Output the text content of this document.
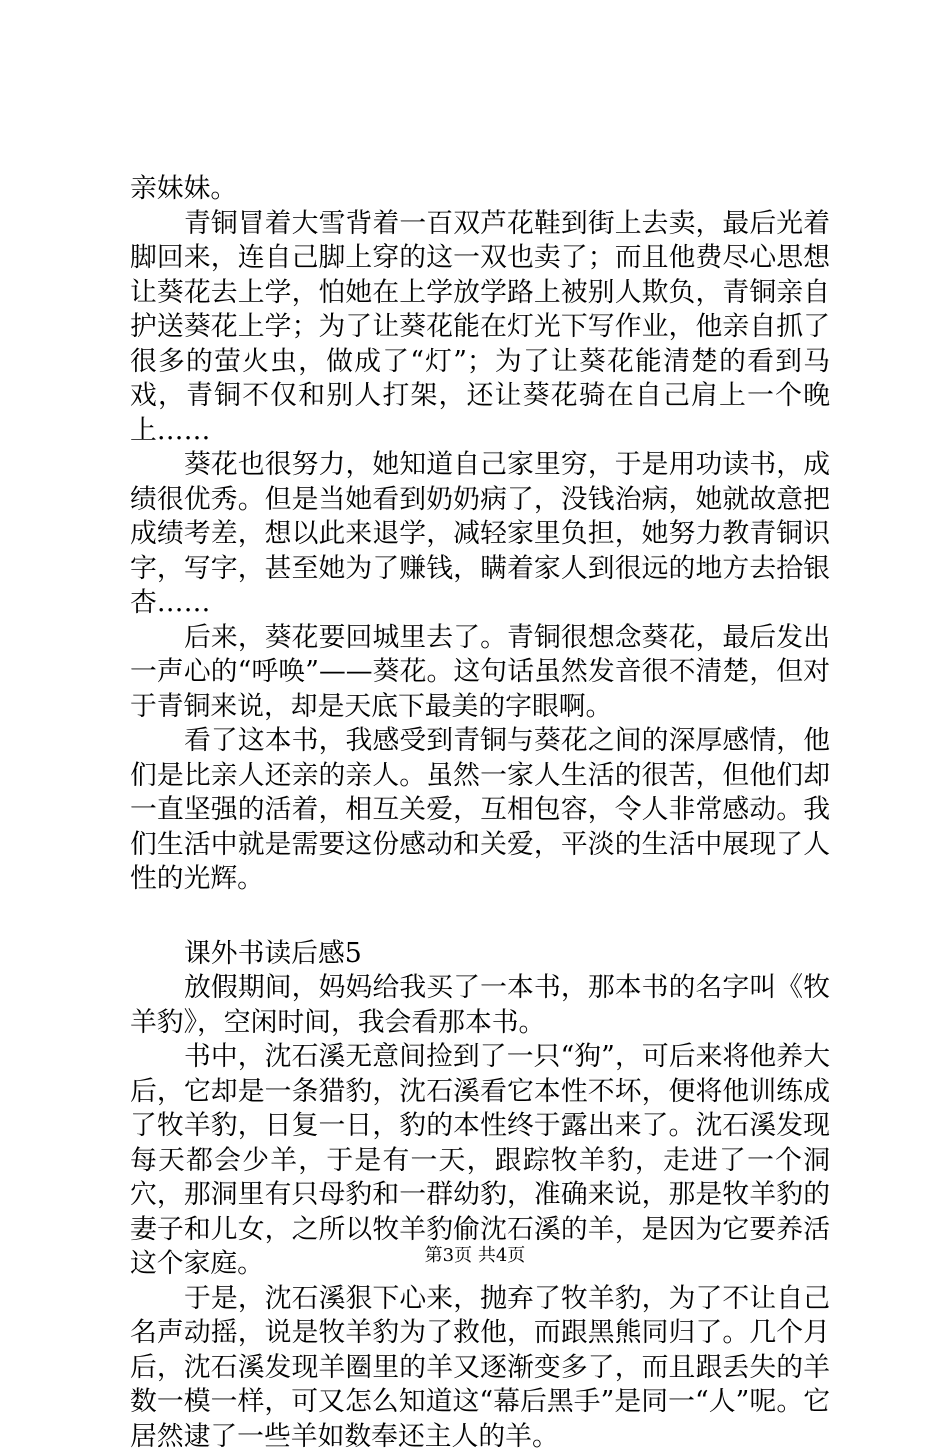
亲妹妹。

青铜冒着大雪背着一百双芦花鞋到街上去卖，最后光着脚回来，连自己脚上穿的这一双也卖了；而且他费尽心思想让葵花去上学，怕她在上学放学路上被别人欺负，青铜亲自护送葵花上学；为了让葵花能在灯光下写作业，他亲自抓了很多的萤火虫，做成了“灯”；为了让葵花能清楚的看到马戏，青铜不仅和别人打架，还让葵花骑在自己肩上一个晚上……

葵花也很努力，她知道自己家里穷，于是用功读书，成绩很优秀。但是当她看到奶奶病了，没钱治病，她就故意把成绩考差，想以此来退学，减轻家里负担，她努力教青铜识字，写字，甚至她为了赚钱，瞒着家人到很远的地方去拾银杏……

后来，葵花要回城里去了。青铜很想念葵花，最后发出一声心的“呼唤”——葵花。这句话虽然发音很不清楚，但对于青铜来说，却是天底下最美的字眼啊。

看了这本书，我感受到青铜与葵花之间的深厚感情，他们是比亲人还亲的亲人。虽然一家人生活的很苦，但他们却一直坚强的活着，相互关爱，互相包容，令人非常感动。我们生活中就是需要这份感动和关爱，平淡的生活中展现了人性的光辉。

课外书读后感5

放假期间，妈妈给我买了一本书，那本书的名字叫《牧羊豹》，空闲时间，我会看那本书。

书中，沈石溪无意间捡到了一只“狗”，可后来将他养大后，它却是一条猎豹，沈石溪看它本性不坏，便将他训练成了牧羊豹，日复一日，豹的本性终于露出来了。沈石溪发现每天都会少羊，于是有一天，跟踪牧羊豹，走进了一个洞穴，那洞里有只母豹和一群幼豹，准确来说，那是牧羊豹的妻子和儿女，之所以牧羊豹偷沈石溪的羊，是因为它要养活这个家庭。

于是，沈石溪狠下心来，抛弃了牧羊豹，为了不让自己名声动摇，说是牧羊豹为了救他，而跟黑熊同归了。几个月后，沈石溪发现羊圈里的羊又逐渐变多了，而且跟丢失的羊数一模一样，可又怎么知道这“幕后黑手”是同一“人”呢。它居然逮了一些羊如数奉还主人的羊。

第3页 共4页
